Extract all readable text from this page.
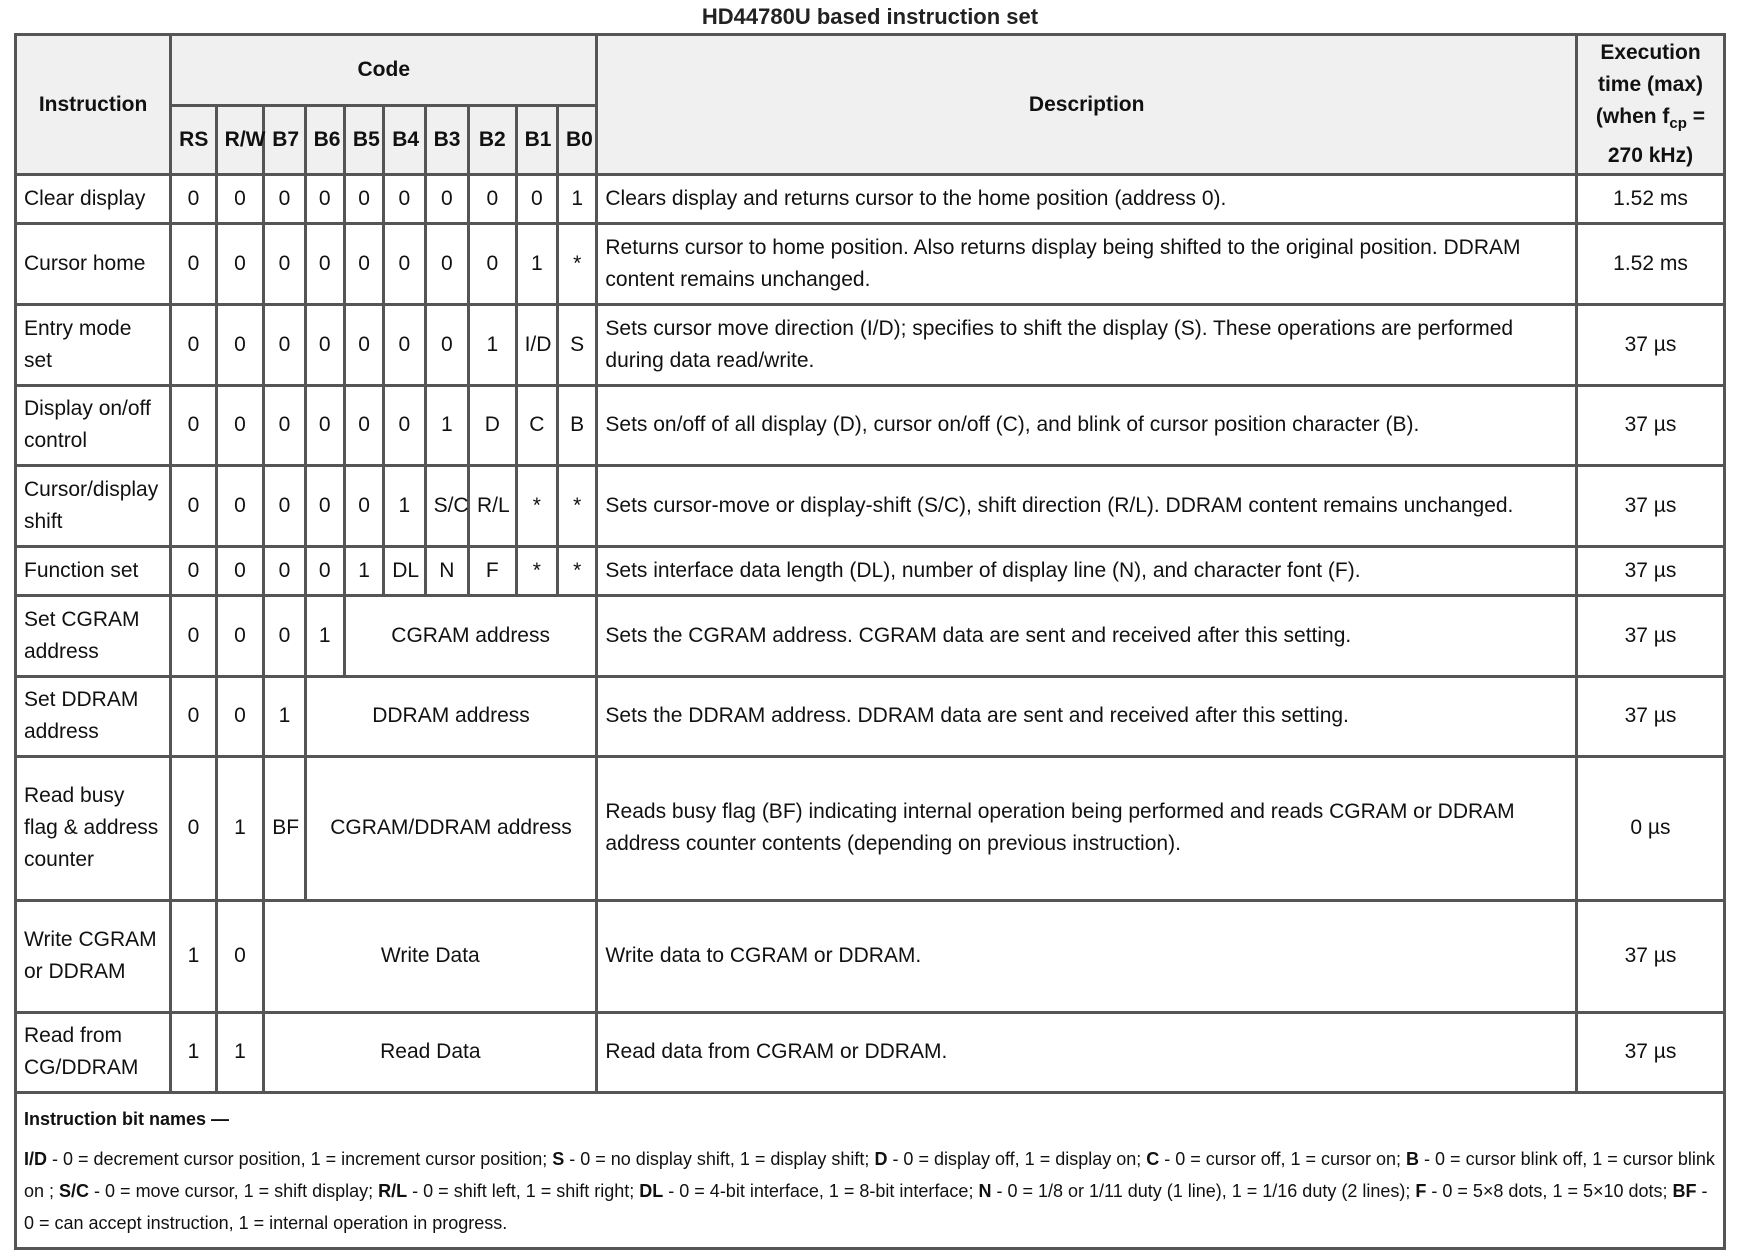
HD44780U based instruction set
Instruction	Code										Description	Execution
time (max)
(when $f_{cp}$ =
270 kHz)
	RS	R/W	B7	B6	B5	B4	B3	B2	B1	B0		
Clear display	0	0	0	0	0	0	0	0	0	1	Clears display and returns cursor to the home position (address 0).	1.52 ms
Cursor home	0	0	0	0	0	0	0	0	1	*	Returns cursor to home position. Also returns display being shifted to the original position. DDRAM content remains unchanged.	1.52 ms
Entry mode set	0	0	0	0	0	0	0	1	I/D	S	Sets cursor move direction (I/D); specifies to shift the display (S). These operations are performed during data read/write.	37 µs
Display on/off control	0	0	0	0	0	0	1	D	C	B	Sets on/off of all display (D), cursor on/off (C), and blink of cursor position character (B).	37 µs
Cursor/display shift	0	0	0	0	0	1	S/C	R/L	*	*	Sets cursor-move or display-shift (S/C), shift direction (R/L). DDRAM content remains unchanged.	37 µs
Function set	0	0	0	0	1	DL	N	F	*	*	Sets interface data length (DL), number of display line (N), and character font (F).	37 µs
Set CGRAM address	0	0	0	1	CGRAM address						Sets the CGRAM address. CGRAM data are sent and received after this setting.	37 µs
Set DDRAM address	0	0	1	DDRAM address							Sets the DDRAM address. DDRAM data are sent and received after this setting.	37 µs
Read busy flag & address counter	0	1	BF	CGRAM/DDRAM address							Reads busy flag (BF) indicating internal operation being performed and reads CGRAM or DDRAM address counter contents (depending on previous instruction).	0 µs
Write CGRAM or DDRAM	1	0	Write Data								Write data to CGRAM or DDRAM.	37 µs
Read from CG/DDRAM	1	1	Read Data								Read data from CGRAM or DDRAM.	37 µs

Instruction bit names —
I/D - 0 = decrement cursor position, 1 = increment cursor position; S - 0 = no display shift, 1 = display shift; D - 0 = display off, 1 = display on; C - 0 = cursor off, 1 = cursor on; B - 0 = cursor blink off, 1 = cursor blink on ; S/C - 0 = move cursor, 1 = shift display; R/L - 0 = shift left, 1 = shift right; DL - 0 = 4-bit interface, 1 = 8-bit interface; N - 0 = 1/8 or 1/11 duty (1 line), 1 = 1/16 duty (2 lines); F - 0 = 5×8 dots, 1 = 5×10 dots; BF - 0 = can accept instruction, 1 = internal operation in progress.												
